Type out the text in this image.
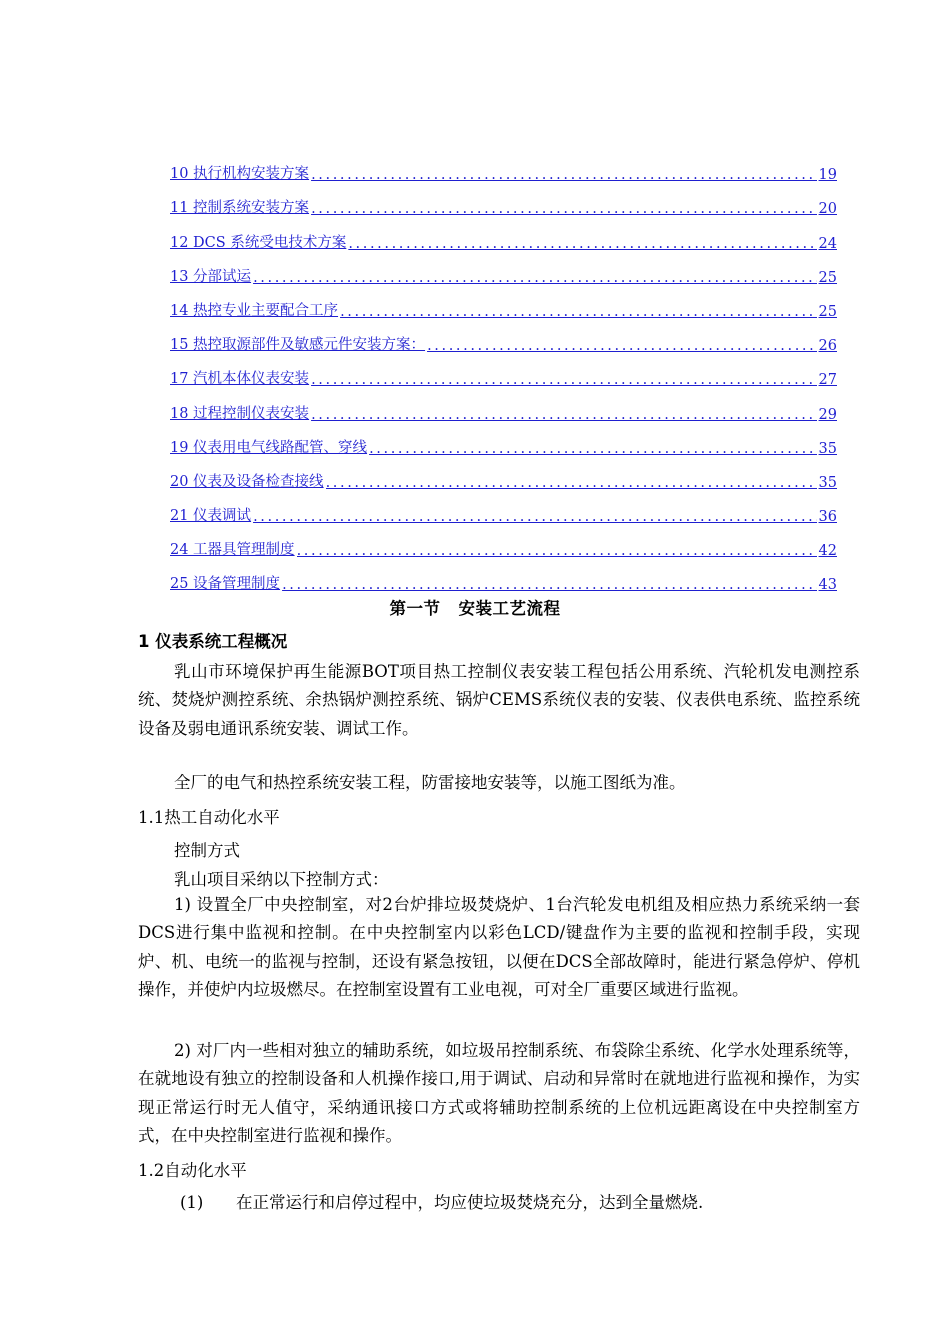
10 执行机构安装方案 .....	19
11 控制系统安装方案 .....	20
12 DCS 系统受电技术方案 .....	24
13 分部试运 .....	25
14 热控专业主要配合工序 .....	25
15 热控取源部件及敏感元件安装方案： .....	26
17 汽机本体仪表安装 .....	27
18 过程控制仪表安装 .....	29
19 仪表用电气线路配管、穿线 .....	35
20 仪表及设备检查接线 .....	35
21 仪表调试 .....	36
24 工器具管理制度 .....	42
25 设备管理制度 .....	43
第一节 安装工艺流程
1 仪表系统工程概况
乳山市环境保护再生能源BOT项目热工控制仪表安装工程包括公用系统、汽轮机发电测控系统、焚烧炉测控系统、余热锅炉测控系统、锅炉CEMS系统仪表的安装、仪表供电系统、监控系统设备及弱电通讯系统安装、调试工作。
全厂的电气和热控系统安装工程，防雷接地安装等，以施工图纸为准。
1.1热工自动化水平
控制方式
乳山项目采纳以下控制方式：
1) 设置全厂中央控制室，对2台炉排垃圾焚烧炉、1台汽轮发电机组及相应热力系统采纳一套DCS进行集中监视和控制。在中央控制室内以彩色LCD/键盘作为主要的监视和控制手段，实现炉、机、电统一的监视与控制，还设有紧急按钮，以便在DCS全部故障时，能进行紧急停炉、停机操作，并使炉内垃圾燃尽。在控制室设置有工业电视，可对全厂重要区域进行监视。
2) 对厂内一些相对独立的辅助系统，如垃圾吊控制系统、布袋除尘系统、化学水处理系统等，在就地设有独立的控制设备和人机操作接口,用于调试、启动和异常时在就地进行监视和操作，为实现正常运行时无人值守，采纳通讯接口方式或将辅助控制系统的上位机远距离设在中央控制室方式，在中央控制室进行监视和操作。
1.2自动化水平
(1) 在正常运行和启停过程中，均应使垃圾焚烧充分，达到全量燃烧.
